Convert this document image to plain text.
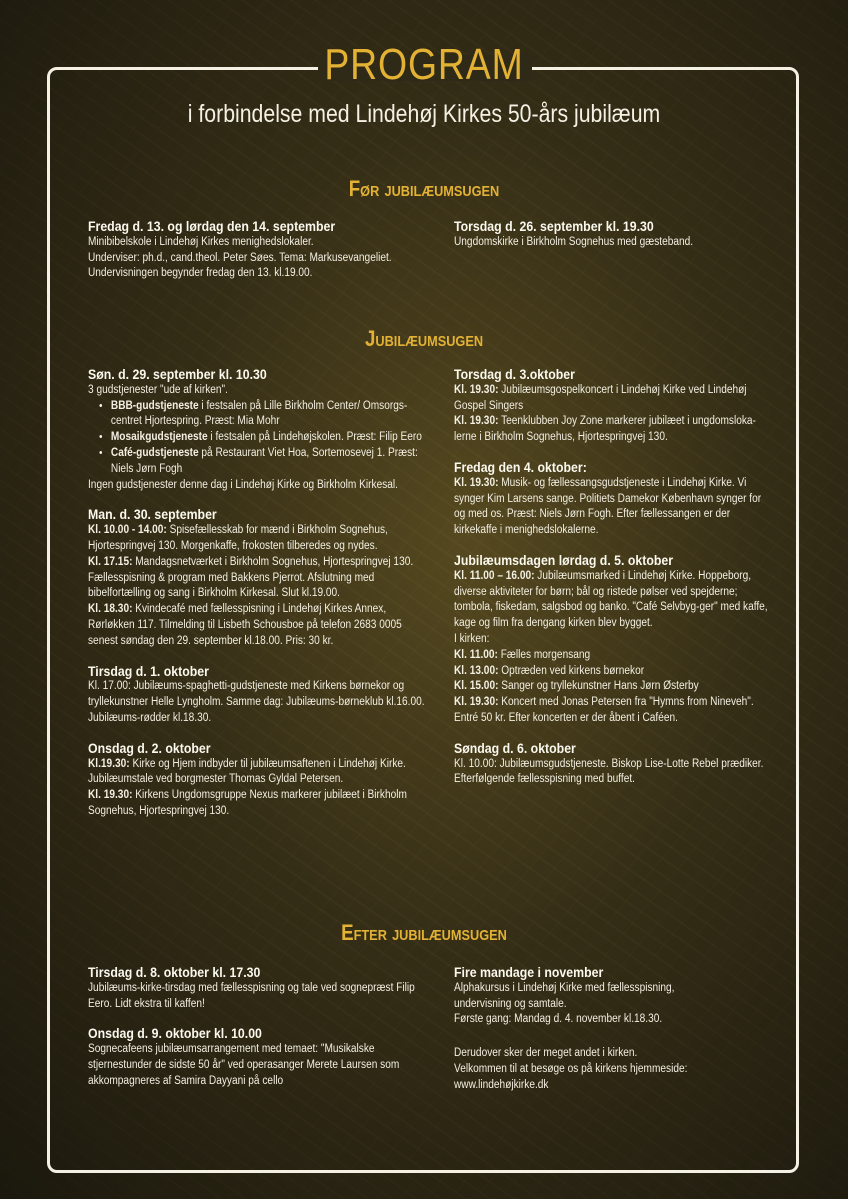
PROGRAM
i forbindelse med Lindehøj Kirkes 50-års jubilæum
Før jubilæumsugen

Fredag d. 13. og lørdag den 14. september

Minibibelskole i Lindehøj Kirkes menighedslokaler.

Underviser: ph.d., cand.theol. Peter Søes. Tema: Markusevangeliet.

Undervisningen begynder fredag den 13. kl.19.00.

Torsdag d. 26. september kl. 19.30

Ungdomskirke i Birkholm Sognehus med gæsteband.

Jubilæumsugen

Søn. d. 29. september kl. 10.30

3 gudstjenester "ude af kirken".

• BBB-gudstjeneste i festsalen på Lille Birkholm Center/ Omsorgs-centret Hjortespring. Præst: Mia Mohr
• Mosaikgudstjeneste i festsalen på Lindehøjskolen. Præst: Filip Eero
• Café-gudstjeneste på Restaurant Viet Hoa, Sortemosevej 1. Præst: Niels Jørn Fogh

Ingen gudstjenester denne dag i Lindehøj Kirke og Birkholm Kirkesal.

Man. d. 30. september

Kl. 10.00 - 14.00: Spisefællesskab for mænd i Birkholm Sognehus, Hjortespringvej 130. Morgenkaffe, frokosten tilberedes og nydes.

Kl. 17.15: Mandagsnetværket i Birkholm Sognehus, Hjortespringvej 130. Fællesspisning & program med Bakkens Pjerrot. Afslutning med bibelfortælling og sang i Birkholm Kirkesal. Slut kl.19.00.

Kl. 18.30: Kvindecafé med fællesspisning i Lindehøj Kirkes Annex, Rørløkken 117. Tilmelding til Lisbeth Schousboe på telefon 2683 0005 senest søndag den 29. september kl.18.00. Pris: 30 kr.

Tirsdag d. 1. oktober

Kl. 17.00: Jubilæums-spaghetti-gudstjeneste med Kirkens børnekor og tryllekunstner Helle Lyngholm. Samme dag: Jubilæums-børneklub kl.16.00. Jubilæums-rødder kl.18.30.

Onsdag d. 2. oktober

Kl.19.30: Kirke og Hjem indbyder til jubilæumsaftenen i Lindehøj Kirke. Jubilæumstale ved borgmester Thomas Gyldal Petersen.

Kl. 19.30: Kirkens Ungdomsgruppe Nexus markerer jubilæet i Birkholm Sognehus, Hjortespringvej 130.

Torsdag d. 3.oktober

Kl. 19.30: Jubilæumsgospelkoncert i Lindehøj Kirke ved Lindehøj Gospel Singers

Kl. 19.30: Teenklubben Joy Zone markerer jubilæet i ungdomsloka-lerne i Birkholm Sognehus, Hjortespringvej 130.

Fredag den 4. oktober:

Kl. 19.30: Musik- og fællessangsgudstjeneste i Lindehøj Kirke. Vi synger Kim Larsens sange. Politiets Damekor København synger for og med os. Præst: Niels Jørn Fogh. Efter fællessangen er der kirkekaffe i menighedslokalerne.

Jubilæumsdagen lørdag d. 5. oktober

Kl. 11.00 – 16.00: Jubilæumsmarked i Lindehøj Kirke. Hoppeborg, diverse aktiviteter for børn; bål og ristede pølser ved spejderne; tombola, fiskedam, salgsbod og banko. "Café Selvbyg-ger" med kaffe, kage og film fra dengang kirken blev bygget.

I kirken:

Kl. 11.00: Fælles morgensang

Kl. 13.00: Optræden ved kirkens børnekor

Kl. 15.00: Sanger og tryllekunstner Hans Jørn Østerby

Kl. 19.30: Koncert med Jonas Petersen fra "Hymns from Nineveh". Entré 50 kr. Efter koncerten er der åbent i Caféen.

Søndag d. 6. oktober

Kl. 10.00: Jubilæumsgudstjeneste. Biskop Lise-Lotte Rebel prædiker. Efterfølgende fællesspisning med buffet.

Efter jubilæumsugen

Tirsdag d. 8. oktober kl. 17.30

Jubilæums-kirke-tirsdag med fællesspisning og tale ved sognepræst Filip Eero. Lidt ekstra til kaffen!

Onsdag d. 9. oktober kl. 10.00

Sognecafeens jubilæumsarrangement med temaet: "Musikalske stjernestunder de sidste 50 år" ved operasanger Merete Laursen som akkompagneres af Samira Dayyani på cello

Fire mandage i november

Alphakursus i Lindehøj Kirke med fællesspisning,

undervisning og samtale.

Første gang: Mandag d. 4. november kl.18.30.

Derudover sker der meget andet i kirken.

Velkommen til at besøge os på kirkens hjemmeside:

www.lindehøjkirke.dk
